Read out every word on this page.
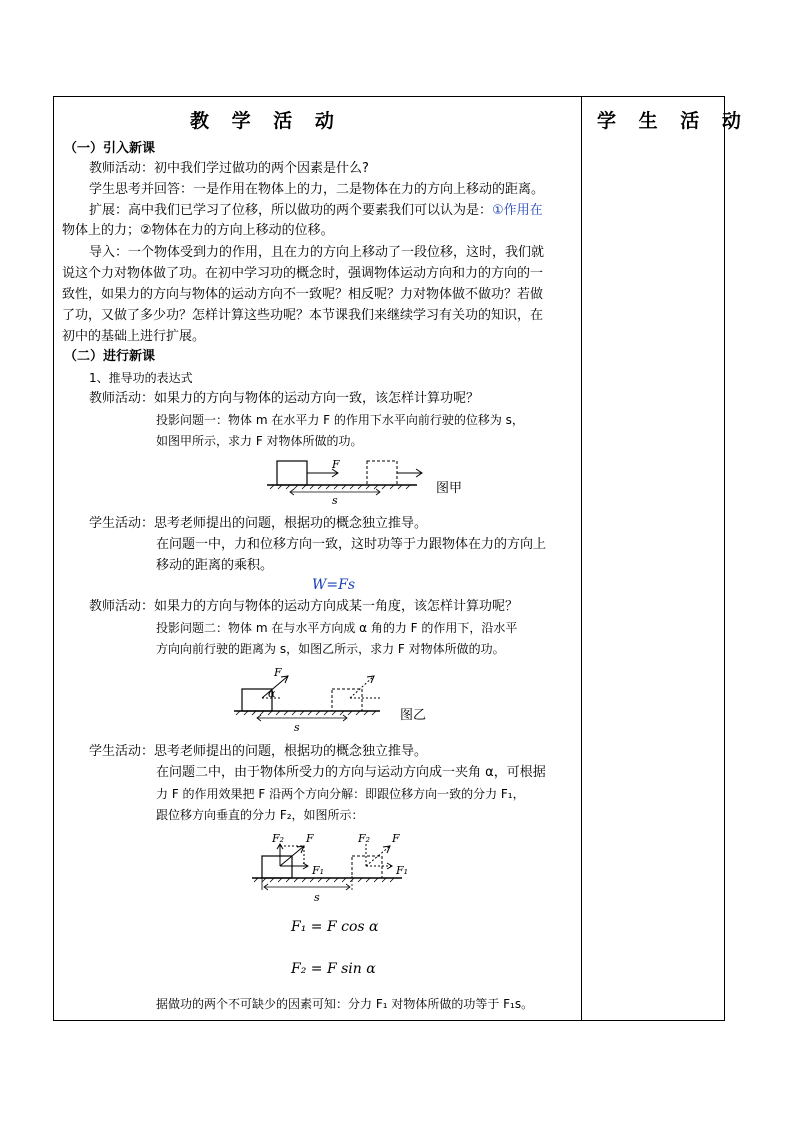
教 学 活 动	学 生 活 动
（一）引入新课
教师活动：初中我们学过做功的两个因素是什么?
学生思考并回答：一是作用在物体上的力，二是物体在力的方向上移动的距离。
扩展：高中我们已学习了位移，所以做功的两个要素我们可以认为是：①作用在
物体上的力；②物体在力的方向上移动的位移。
导入：一个物体受到力的作用，且在力的方向上移动了一段位移，这时，我们就
说这个力对物体做了功。在初中学习功的概念时，强调物体运动方向和力的方向的一
致性，如果力的方向与物体的运动方向不一致呢？相反呢？力对物体做不做功？若做
了功，又做了多少功？怎样计算这些功呢？本节课我们来继续学习有关功的知识，在
初中的基础上进行扩展。
（二）进行新课
1、推导功的表达式
教师活动：如果力的方向与物体的运动方向一致，该怎样计算功呢？
投影问题一：物体 m 在水平力 F 的作用下水平向前行驶的位移为 s，
如图甲所示，求力 F 对物体所做的功。
F
s
图甲
学生活动：思考老师提出的问题，根据功的概念独立推导。
在问题一中，力和位移方向一致，这时功等于力跟物体在力的方向上
移动的距离的乘积。
W=Fs
教师活动：如果力的方向与物体的运动方向成某一角度，该怎样计算功呢？
投影问题二：物体 m 在与水平方向成 α 角的力 F 的作用下，沿水平
方向向前行驶的距离为 s，如图乙所示，求力 F 对物体所做的功。
F
α
s
图乙
学生活动：思考老师提出的问题，根据功的概念独立推导。
在问题二中，由于物体所受力的方向与运动方向成一夹角 α，可根据
力 F 的作用效果把 F 沿两个方向分解：即跟位移方向一致的分力 F₁，
跟位移方向垂直的分力 F₂，如图所示：
F₂ F
F₁
F₂ F
F₁
s
F₁ = F cos α
F₂ = F sin α
据做功的两个不可缺少的因素可知：分力 F₁ 对物体所做的功等于 F₁s。
